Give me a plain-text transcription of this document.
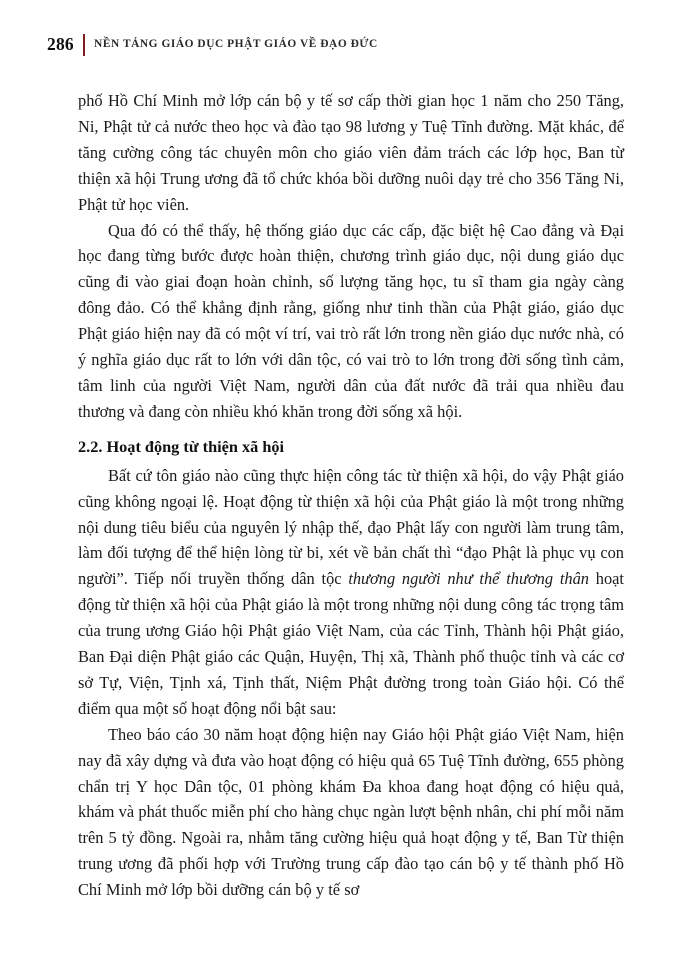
286	NỀN TẢNG GIÁO DỤC PHẬT GIÁO VỀ ĐẠO ĐỨC

phố Hồ Chí Minh mở lớp cán bộ y tế sơ cấp thời gian học 1 năm cho 250 Tăng, Ni, Phật tử cả nước theo học và đào tạo 98 lương y Tuệ Tĩnh đường. Mặt khác, để tăng cường công tác chuyên môn cho giáo viên đảm trách các lớp học, Ban từ thiện xã hội Trung ương đã tổ chức khóa bồi dưỡng nuôi dạy trẻ cho 356 Tăng Ni, Phật tử học viên.

Qua đó có thể thấy, hệ thống giáo dục các cấp, đặc biệt hệ Cao đẳng và Đại học đang từng bước được hoàn thiện, chương trình giáo dục, nội dung giáo dục cũng đi vào giai đoạn hoàn chỉnh, số lượng tăng học, tu sĩ tham gia ngày càng đông đảo. Có thể khẳng định rằng, giống như tinh thần của Phật giáo, giáo dục Phật giáo hiện nay đã có một ví trí, vai trò rất lớn trong nền giáo dục nước nhà, có ý nghĩa giáo dục rất to lớn với dân tộc, có vai trò to lớn trong đời sống tình cảm, tâm linh của người Việt Nam, người dân của đất nước đã trải qua nhiều đau thương và đang còn nhiều khó khăn trong đời sống xã hội.

2.2. Hoạt động từ thiện xã hội

Bất cứ tôn giáo nào cũng thực hiện công tác từ thiện xã hội, do vậy Phật giáo cũng không ngoại lệ. Hoạt động từ thiện xã hội của Phật giáo là một trong những nội dung tiêu biểu của nguyên lý nhập thế, đạo Phật lấy con người làm trung tâm, làm đối tượng để thể hiện lòng từ bi, xét về bản chất thì “đạo Phật là phục vụ con người”. Tiếp nối truyền thống dân tộc thương người như thể thương thân hoạt động từ thiện xã hội của Phật giáo là một trong những nội dung công tác trọng tâm của trung ương Giáo hội Phật giáo Việt Nam, của các Tỉnh, Thành hội Phật giáo, Ban Đại diện Phật giáo các Quận, Huyện, Thị xã, Thành phố thuộc tỉnh và các cơ sở Tự, Viện, Tịnh xá, Tịnh thất, Niệm Phật đường trong toàn Giáo hội. Có thể điểm qua một số hoạt động nổi bật sau:

Theo báo cáo 30 năm hoạt động hiện nay Giáo hội Phật giáo Việt Nam, hiện nay đã xây dựng và đưa vào hoạt động có hiệu quả 65 Tuệ Tĩnh đường, 655 phòng chẩn trị Y học Dân tộc, 01 phòng khám Đa khoa đang hoạt động có hiệu quả, khám và phát thuốc miễn phí cho hàng chục ngàn lượt bệnh nhân, chi phí mỗi năm trên 5 tỷ đồng. Ngoài ra, nhằm tăng cường hiệu quả hoạt động y tế, Ban Từ thiện trung ương đã phối hợp với Trường trung cấp đào tạo cán bộ y tế thành phố Hồ Chí Minh mở lớp bồi dưỡng cán bộ y tế sơ
